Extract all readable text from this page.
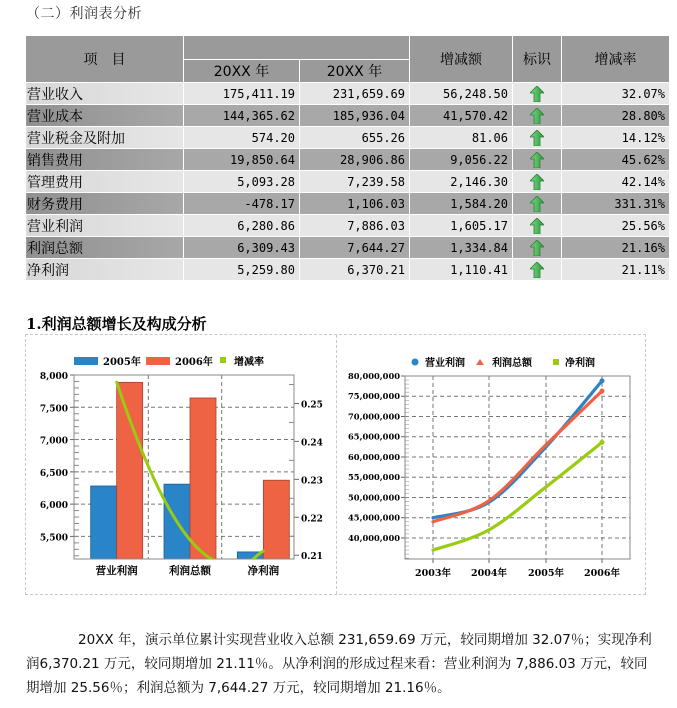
（二）利润表分析
项　目			增减额	标识	增减率
	20XX 年	20XX 年			
营业收入	175,411.19	231,659.69	56,248.50		32.07%
营业成本	144,365.62	185,936.04	41,570.42		28.80%
营业税金及附加	574.20	655.26	81.06		14.12%
销售费用	19,850.64	28,906.86	9,056.22		45.62%
管理费用	5,093.28	7,239.58	2,146.30		42.14%
财务费用	-478.17	1,106.03	1,584.20		331.31%
营业利润	6,280.86	7,886.03	1,605.17		25.56%
利润总额	6,309.43	7,644.27	1,334.84		21.16%
净利润	5,259.80	6,370.21	1,110.41		21.11%
1.利润总额增长及构成分析
2005年	2006年 增减率
8,000
7,500
7,000
6,500
6,000
5,500
0.25
0.24
0.23
0.22
0.21
营业利润	利润总额	净利润
营业利润	利润总额	净利润
80,000,000
75,000,000
70,000,000
65,000,000
60,000,000
55,000,000
50,000,000
45,000,000
40,000,000
2003年 2004年 2005年 2006年

20XX 年，演示单位累计实现营业收入总额 231,659.69 万元，较同期增加 32.07％；实现净利润6,370.21 万元，较同期增加 21.11％。从净利润的形成过程来看：营业利润为 7,886.03 万元，较同期增加 25.56％；利润总额为 7,644.27 万元，较同期增加 21.16％。
